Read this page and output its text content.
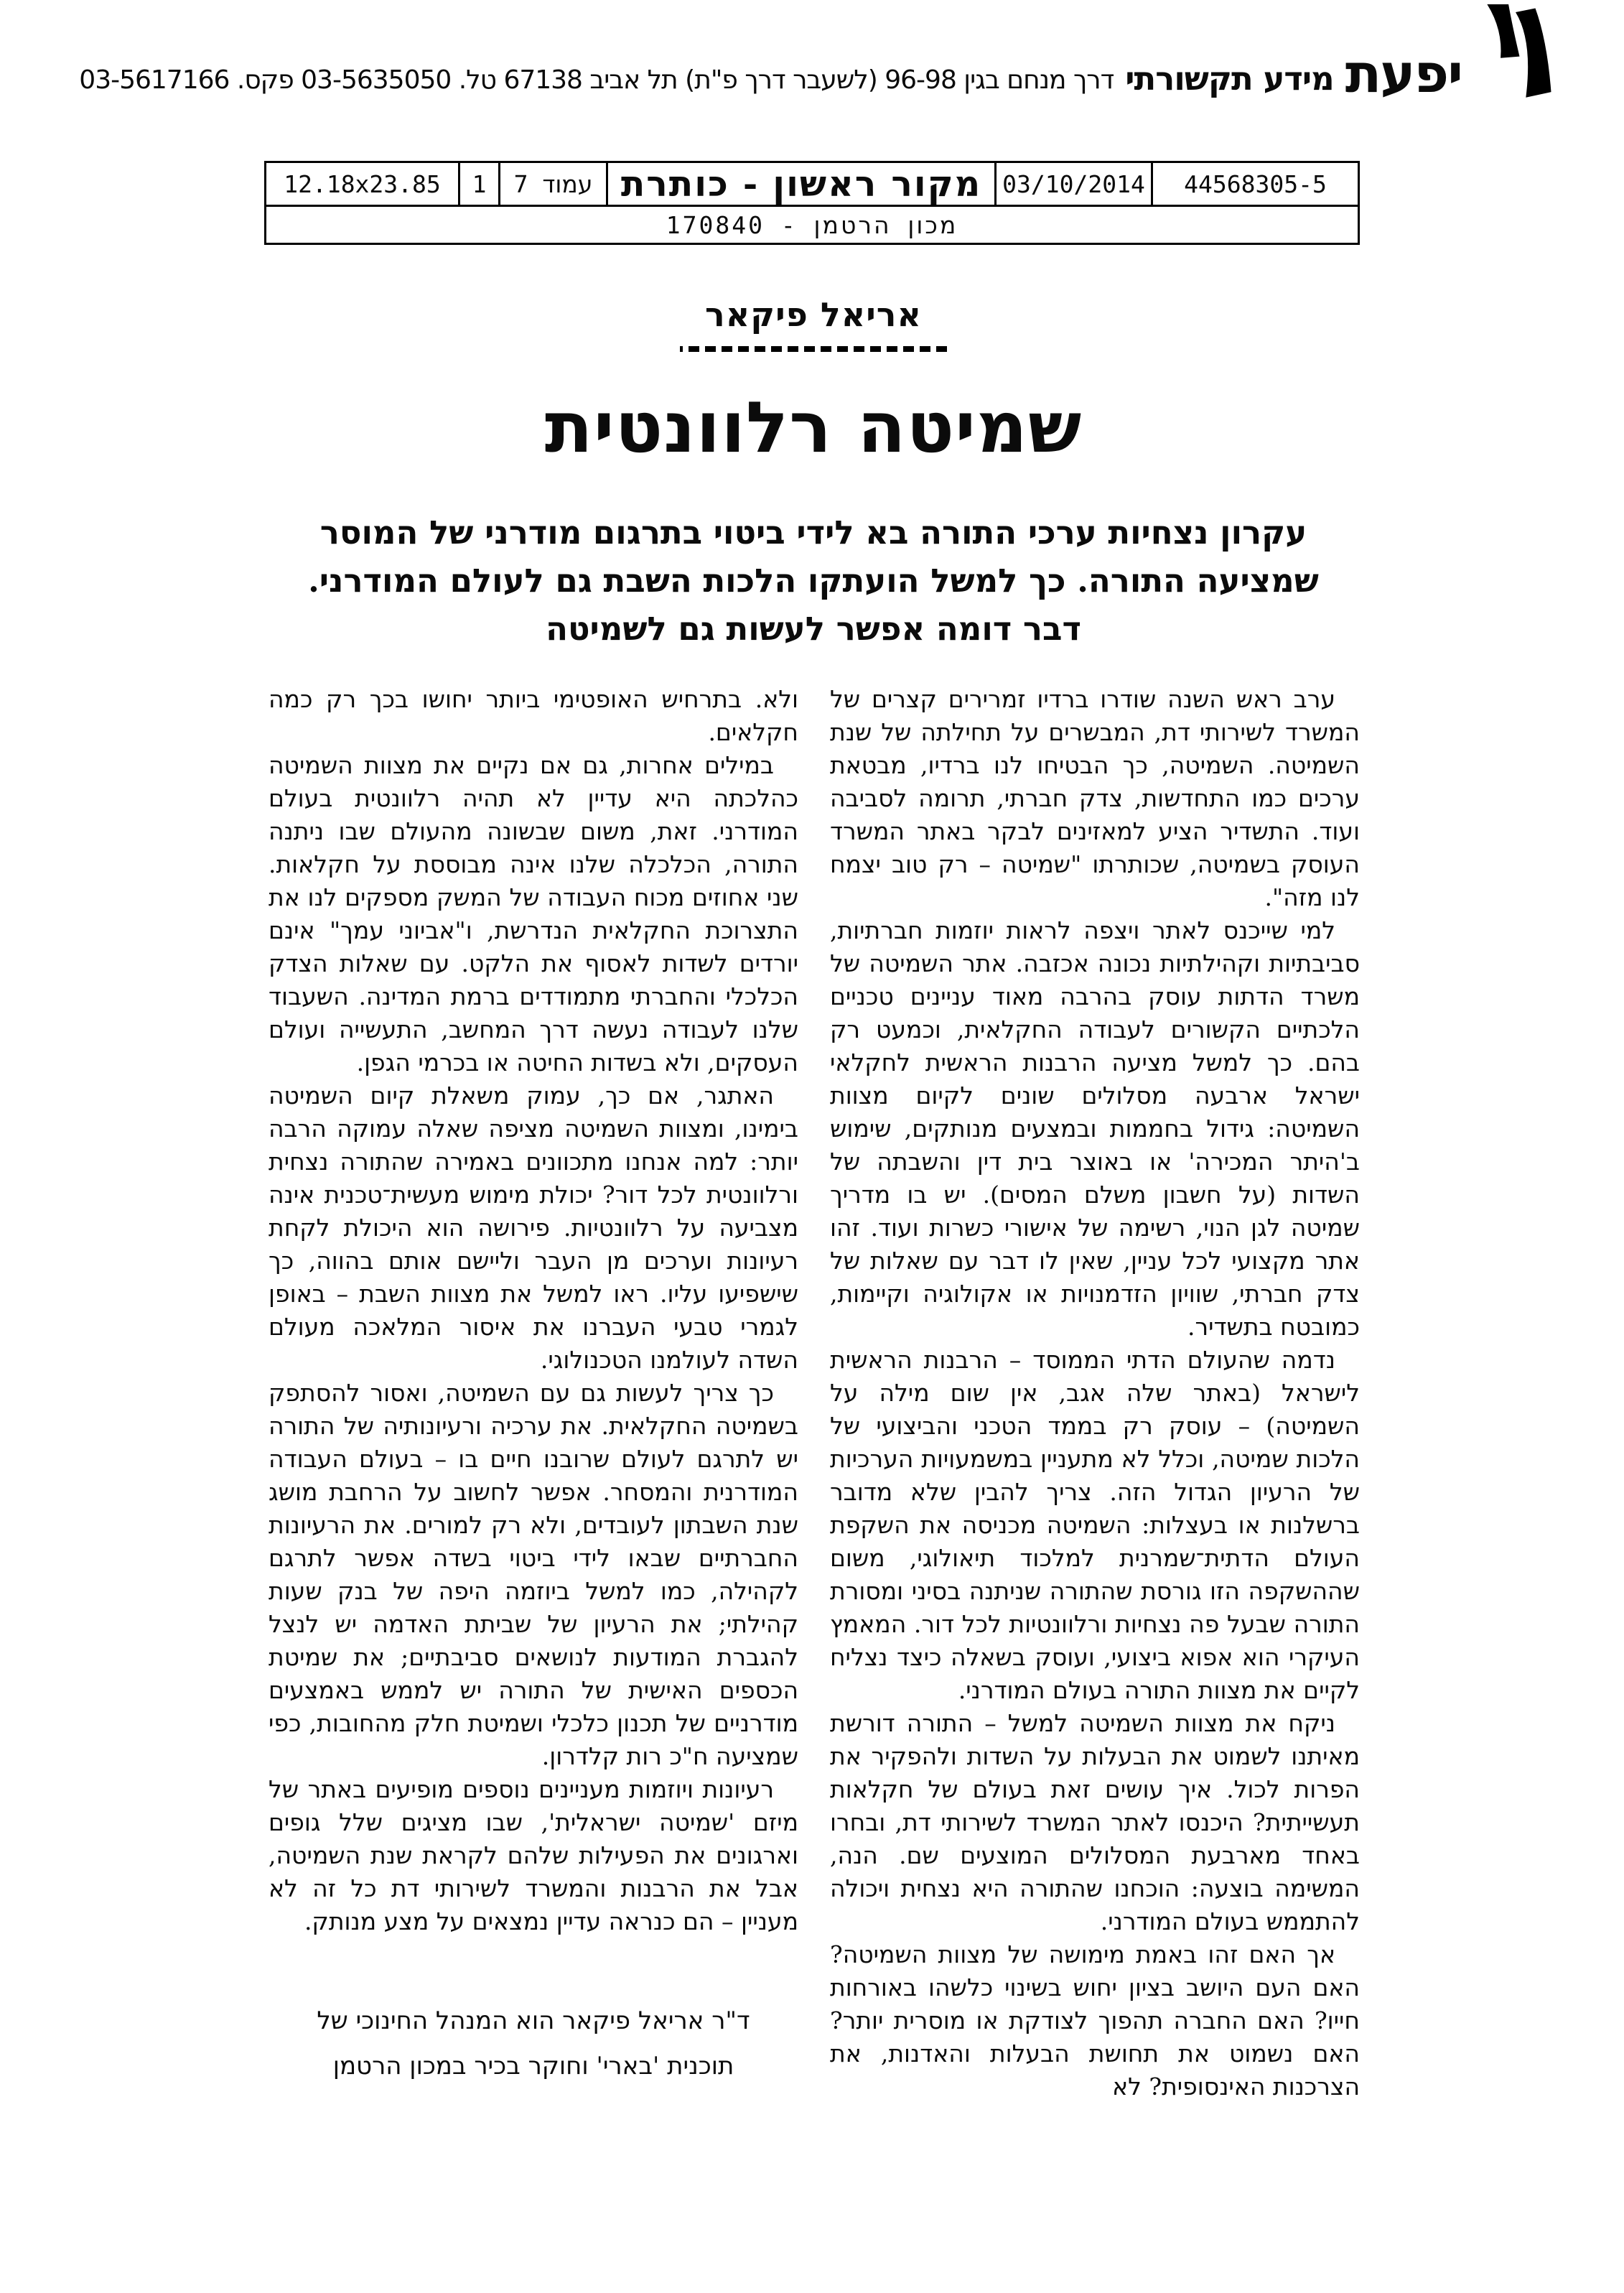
יפעת
מידע תקשורתי
דרך מנחם בגין 96-98 (לשעבר דרך פ"ת) תל אביב 67138 טל. 03-5635050 פקס. 03-5617166
44568305-5
03/10/2014
מקור ראשון - כותרת
עמוד 7
1
12.18x23.85
מכון הרטמן - 170840
אריאל פיקאר
שמיטה רלוונטית
עקרון נצחיות ערכי התורה בא לידי ביטוי בתרגום מודרני של המוסר שמציעה התורה. כך למשל הועתקו הלכות השבת גם לעולם המודרני. דבר דומה אפשר לעשות גם לשמיטה

ערב ראש השנה שודרו ברדיו זמרירים קצרים של המשרד לשירותי דת, המבשרים על תחילתה של שנת השמיטה. השמיטה, כך הבטיחו לנו ברדיו, מבטאת ערכים כמו התחדשות, צדק חברתי, תרומה לסביבה ועוד. התשדיר הציע למאזינים לבקר באתר המשרד העוסק בשמיטה, שכותרתו "שמיטה – רק טוב יצמח לנו מזה".

למי שייכנס לאתר ויצפה לראות יוזמות חברתיות, סביבתיות וקהילתיות נכונה אכזבה. אתר השמיטה של משרד הדתות עוסק בהרבה מאוד עניינים טכניים הלכתיים הקשורים לעבודה החקלאית, וכמעט רק בהם. כך למשל מציעה הרבנות הראשית לחקלאי ישראל ארבעה מסלולים שונים לקיום מצוות השמיטה: גידול בחממות ובמצעים מנותקים, שימוש ב'היתר המכירה' או באוצר בית דין והשבתה של השדות (על חשבון משלם המסים). יש בו מדריך שמיטה לגן הנוי, רשימה של אישורי כשרות ועוד. זהו אתר מקצועי לכל עניין, שאין לו דבר עם שאלות של צדק חברתי, שוויון הזדמנויות או אקולוגיה וקיימות, כמובטח בתשדיר.

נדמה שהעולם הדתי הממוסד – הרבנות הראשית לישראל (באתר שלה אגב, אין שום מילה על השמיטה) – עוסק רק בממד הטכני והביצועי של הלכות שמיטה, וכלל לא מתעניין במשמעויות הערכיות של הרעיון הגדול הזה. צריך להבין שלא מדובר ברשלנות או בעצלות: השמיטה מכניסה את השקפת העולם הדתית־שמרנית למלכוד תיאולוגי, משום שההשקפה הזו גורסת שהתורה שניתנה בסיני ומסורת התורה שבעל פה נצחיות ורלוונטיות לכל דור. המאמץ העיקרי הוא אפוא ביצועי, ועוסק בשאלה כיצד נצליח לקיים את מצוות התורה בעולם המודרני.

ניקח את מצוות השמיטה למשל – התורה דורשת מאיתנו לשמוט את הבעלות על השדות ולהפקיר את הפרות לכול. איך עושים זאת בעולם של חקלאות תעשייתית? היכנסו לאתר המשרד לשירותי דת, ובחרו באחד מארבעת המסלולים המוצעים שם. הנה, המשימה בוצעה: הוכחנו שהתורה היא נצחית ויכולה להתממש בעולם המודרני.

אך האם זהו באמת מימושה של מצוות השמיטה? האם העם היושב בציון יחוש בשינוי כלשהו באורחות חייו? האם החברה תהפוך לצודקת או מוסרית יותר? האם נשמוט את תחושת הבעלות והאדנות, את הצרכנות האינסופית? לא

ולא. בתרחיש האופטימי ביותר יחושו בכך רק כמה חקלאים.

במילים אחרות, גם אם נקיים את מצוות השמיטה כהלכתה היא עדיין לא תהיה רלוונטית בעולם המודרני. זאת, משום שבשונה מהעולם שבו ניתנה התורה, הכלכלה שלנו אינה מבוססת על חקלאות. שני אחוזים מכוח העבודה של המשק מספקים לנו את התצרוכת החקלאית הנדרשת, ו"אביוני עמך" אינם יורדים לשדות לאסוף את הלקט. עם שאלות הצדק הכלכלי והחברתי מתמודדים ברמת המדינה. השעבוד שלנו לעבודה נעשה דרך המחשב, התעשייה ועולם העסקים, ולא בשדות החיטה או בכרמי הגפן.

האתגר, אם כך, עמוק משאלת קיום השמיטה בימינו, ומצוות השמיטה מציפה שאלה עמוקה הרבה יותר: למה אנחנו מתכוונים באמירה שהתורה נצחית ורלוונטית לכל דור? יכולת מימוש מעשית־טכנית אינה מצביעה על רלוונטיות. פירושה הוא היכולת לקחת רעיונות וערכים מן העבר וליישם אותם בהווה, כך שישפיעו עליו. ראו למשל את מצוות השבת – באופן לגמרי טבעי העברנו את איסור המלאכה מעולם השדה לעולמנו הטכנולוגי.

כך צריך לעשות גם עם השמיטה, ואסור להסתפק בשמיטה החקלאית. את ערכיה ורעיונותיה של התורה יש לתרגם לעולם שרובנו חיים בו – בעולם העבודה המודרנית והמסחר. אפשר לחשוב על הרחבת מושג שנת השבתון לעובדים, ולא רק למורים. את הרעיונות החברתיים שבאו לידי ביטוי בשדה אפשר לתרגם לקהילה, כמו למשל ביוזמה היפה של בנק שעות קהילתי; את הרעיון של שביתת האדמה יש לנצל להגברת המודעות לנושאים סביבתיים; את שמיטת הכספים האישית של התורה יש לממש באמצעים מודרניים של תכנון כלכלי ושמיטת חלק מהחובות, כפי שמציעה ח"כ רות קלדרון.

רעיונות ויוזמות מעניינים נוספים מופיעים באתר של מיזם 'שמיטה ישראלית', שבו מציגים שלל גופים וארגונים את הפעילות שלהם לקראת שנת השמיטה, אבל את הרבנות והמשרד לשירותי דת כל זה לא מעניין – הם כנראה עדיין נמצאים על מצע מנותק.

ד"ר אריאל פיקאר הוא המנהל החינוכי של תוכנית 'בארי' וחוקר בכיר במכון הרטמן
